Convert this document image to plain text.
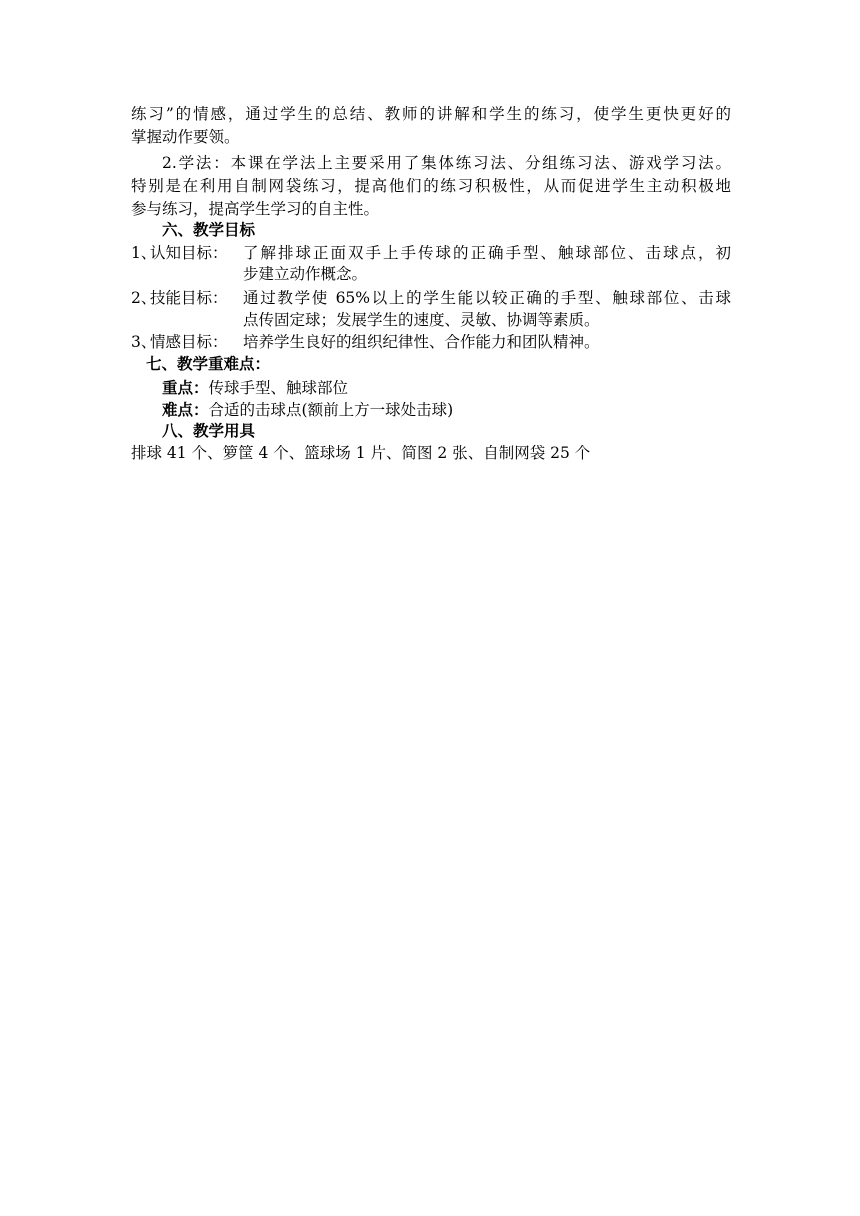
练习”的情感，通过学生的总结、教师的讲解和学生的练习，使学生更快更好的
掌握动作要领。
2.学法：本课在学法上主要采用了集体练习法、分组练习法、游戏学习法。
特别是在利用自制网袋练习，提高他们的练习积极性，从而促进学生主动积极地
参与练习，提高学生学习的自主性。
六、教学目标
1、
认知目标： 了解排球正面双手上手传球的正确手型、触球部位、击球点，初
步建立动作概念。
2、
技能目标： 通过教学使 65%以上的学生能以较正确的手型、触球部位、击球
点传固定球；发展学生的速度、灵敏、协调等素质。
3、
情感目标： 培养学生良好的组织纪律性、合作能力和团队精神。
七、教学重难点：
重点：传球手型、触球部位
难点：合适的击球点(额前上方一球处击球)
八、教学用具
排球 41 个、箩筐 4 个、篮球场 1 片、简图 2 张、自制网袋 25 个
